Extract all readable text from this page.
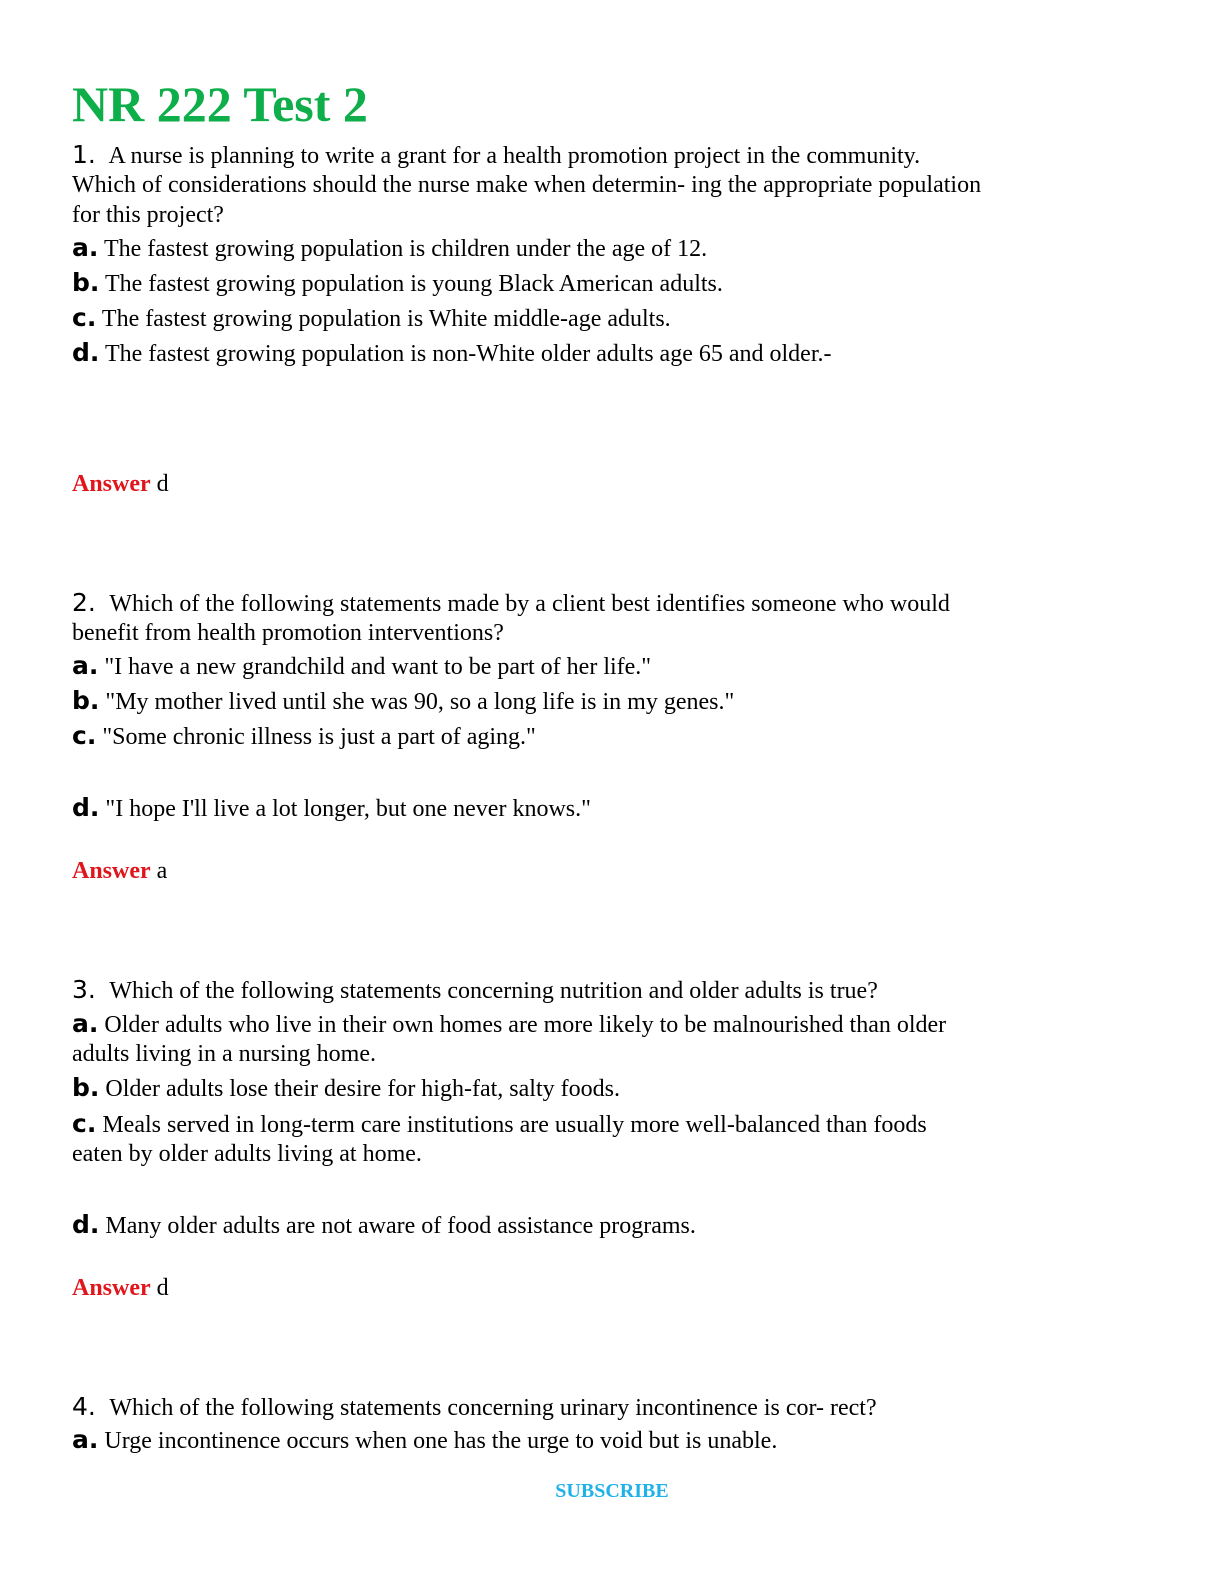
NR 222 Test 2
1.  A nurse is planning to write a grant for a health promotion project in the community.
Which of considerations should the nurse make when determin- ing the appropriate population
for this project?
a. The fastest growing population is children under the age of 12.
b. The fastest growing population is young Black American adults.
c. The fastest growing population is White middle-age adults.
d. The fastest growing population is non-White older adults age 65 and older.-
Answer d
2.  Which of the following statements made by a client best identifies someone who would
benefit from health promotion interventions?
a. "I have a new grandchild and want to be part of her life."
b. "My mother lived until she was 90, so a long life is in my genes."
c. "Some chronic illness is just a part of aging."
d. "I hope I'll live a lot longer, but one never knows."
Answer a
3.  Which of the following statements concerning nutrition and older adults is true?
a. Older adults who live in their own homes are more likely to be malnourished than older
adults living in a nursing home.
b. Older adults lose their desire for high-fat, salty foods.
c. Meals served in long-term care institutions are usually more well-balanced than foods
eaten by older adults living at home.
d. Many older adults are not aware of food assistance programs.
Answer d
4.  Which of the following statements concerning urinary incontinence is cor- rect?
a. Urge incontinence occurs when one has the urge to void but is unable.
SUBSCRIBE
